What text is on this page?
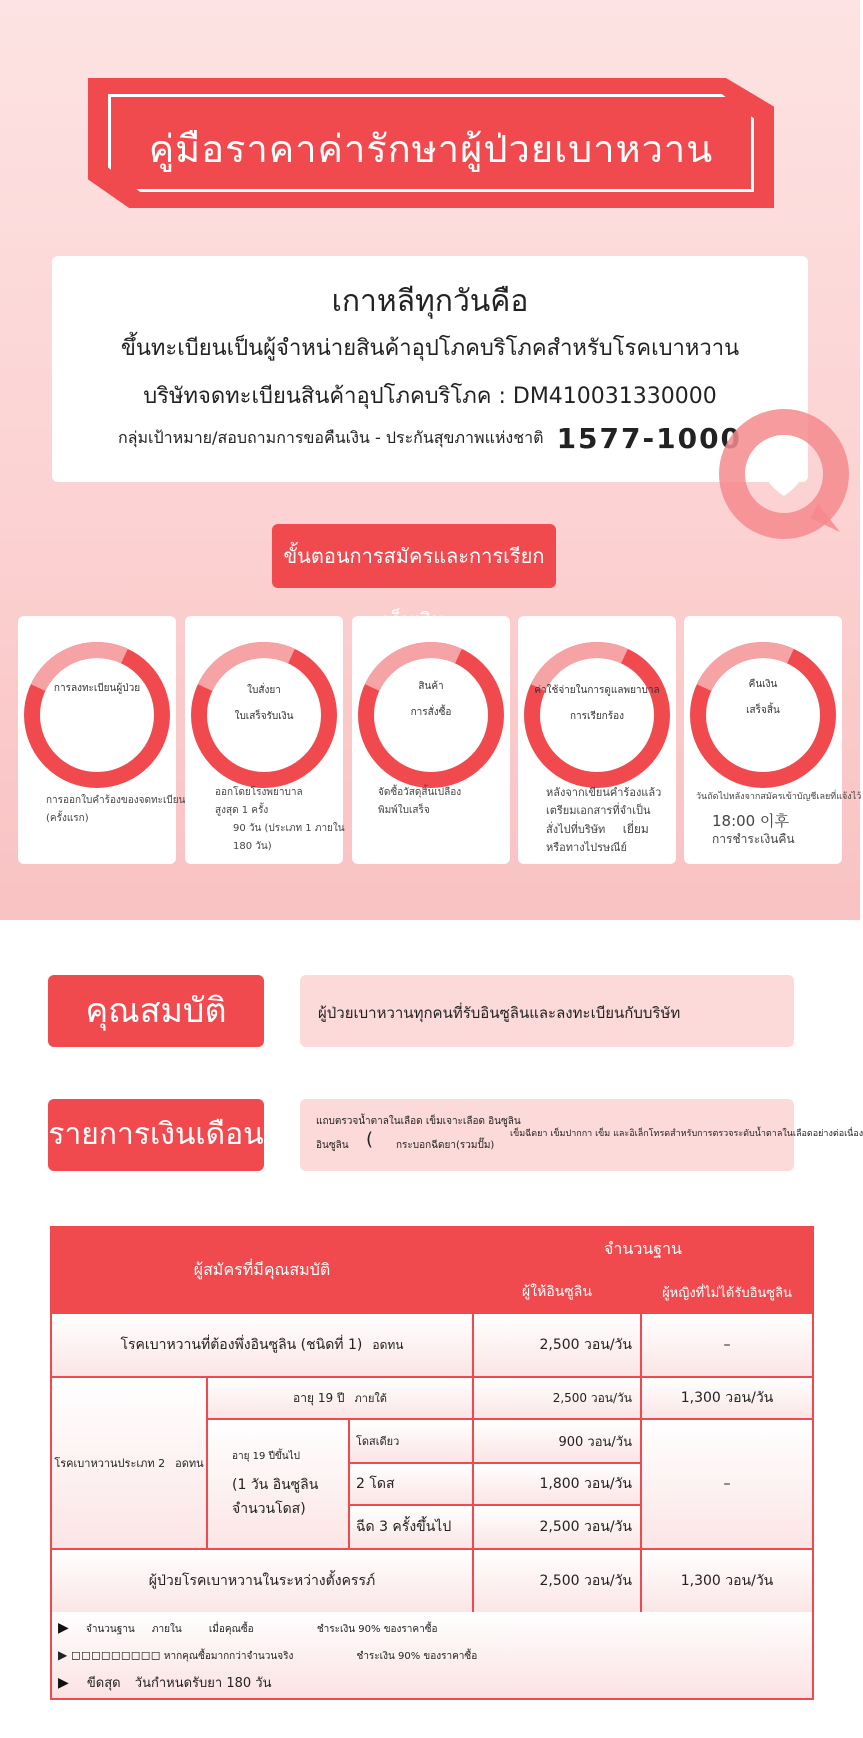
คู่มือราคาค่ารักษาผู้ป่วยเบาหวาน
เกาหลีทุกวันคือ
ขึ้นทะเบียนเป็นผู้จำหน่ายสินค้าอุปโภคบริโภคสำหรับโรคเบาหวาน
บริษัทจดทะเบียนสินค้าอุปโภคบริโภค : DM410031330000
กลุ่มเป้าหมาย/สอบถามการขอคืนเงิน - ประกันสุขภาพแห่งชาติ 1577-1000
ขั้นตอนการสมัครและการเรียก
การลงทะเบียนผู้ป่วย
การออกใบคำร้องของจดทะเบียน (ครั้งแรก)
ใบสั่งยา
ใบเสร็จรับเงิน
ออกโดยโรงพยาบาล
สูงสุด 1 ครั้ง
90 วัน (ประเภท 1 ภายใน 180 วัน)
สินค้า
การสั่งซื้อ
จัดซื้อวัสดุสิ้นเปลือง
พิมพ์ใบเสร็จ
ค่าใช้จ่ายในการดูแลพยาบาล
การเรียกร้อง
หลังจากเขียนคำร้องแล้ว
เตรียมเอกสารที่จำเป็น
สั่งไปที่บริษัท เยี่ยม
หรือทางไปรษณีย์
คืนเงิน
เสร็จสิ้น
วันถัดไปหลังจากสมัครเข้าบัญชีเลยที่แจ้งไว้
18:00 이후
การชำระเงินคืน
คุณสมบัติ	ผู้ป่วยเบาหวานทุกคนที่รับอินซูลินและลงทะเบียนกับบริษัท
รายการเงินเดือน	แถบตรวจน้ำตาลในเลือด เข็มเจาะเลือด อินซูลิน
อินซูลิน ( กระบอกฉีดยา(รวมปั๊ม)
เข็มฉีดยา เข็มปากกา เข็ม และอิเล็กโทรดสำหรับการตรวจระดับน้ำตาลในเลือดอย่างต่อเนื่อง
ผู้สมัครที่มีคุณสมบัติ
จำนวนฐาน
ผู้ให้อินซูลิน	ผู้หญิงที่ไม่ได้รับอินซูลิน
โรคเบาหวานที่ต้องพึ่งอินซูลิน (ชนิดที่ 1) อดทน	2,500 วอน/วัน	–
โรคเบาหวานประเภท 2 อดทน
อายุ 19 ปี ภายใต้	2,500 วอน/วัน	1,300 วอน/วัน
อายุ 19 ปีขึ้นไป
(1 วัน อินซูลิน
จำนวนโดส)
โดสเดียว	900 วอน/วัน
2 โดส	1,800 วอน/วัน
ฉีด 3 ครั้งขึ้นไป	2,500 วอน/วัน
–
ผู้ป่วยโรคเบาหวานในระหว่างตั้งครรภ์	2,500 วอน/วัน	1,300 วอน/วัน
▶ จำนวนฐาน ภายใน	เมื่อคุณซื้อ	ชำระเงิน 90% ของราคาซื้อ
▶ ◻◻◻◻◻◻◻◻◻ หากคุณซื้อมากกว่าจำนวนจริง	ชำระเงิน 90% ของราคาซื้อ
▶ ขีดสุด วันกำหนดรับยา 180 วัน
